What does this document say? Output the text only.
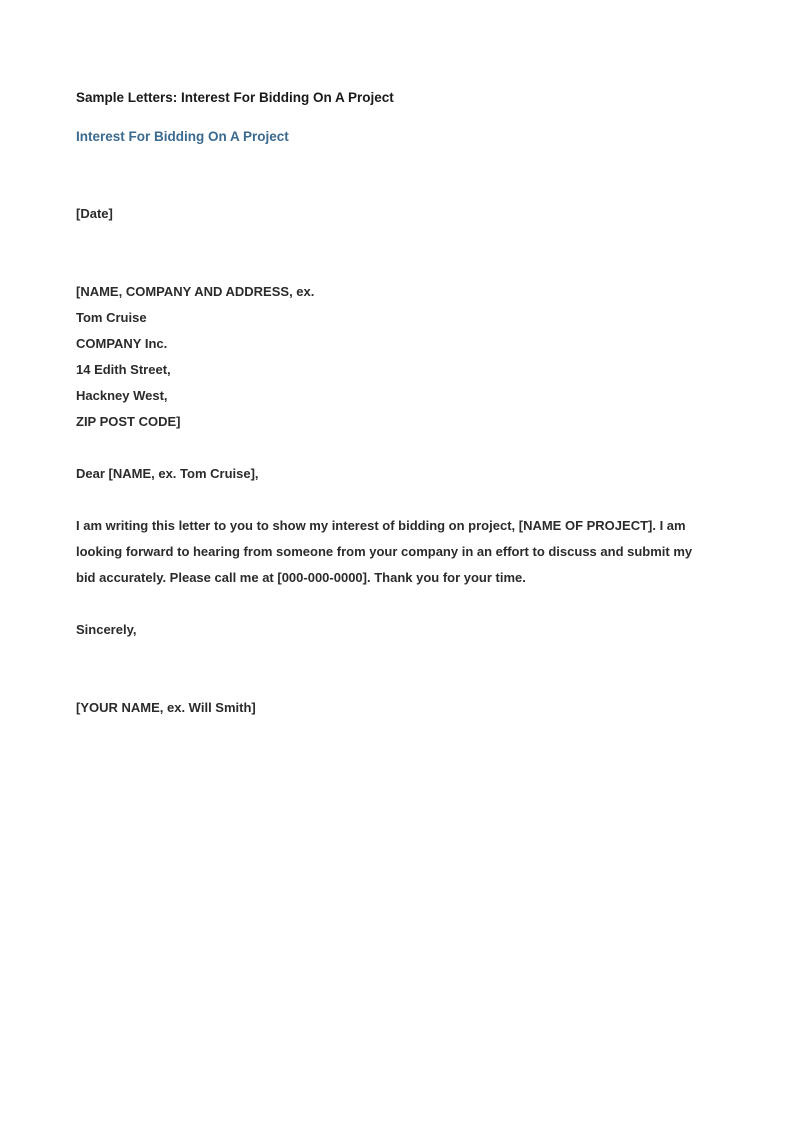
Sample Letters: Interest For Bidding On A Project
Interest For Bidding On A Project
[Date]
[NAME, COMPANY AND ADDRESS, ex.
Tom Cruise
COMPANY Inc.
14 Edith Street,
Hackney West,
ZIP POST CODE]
Dear [NAME, ex. Tom Cruise],
I am writing this letter to you to show my interest of bidding on project, [NAME OF PROJECT]. I am looking forward to hearing from someone from your company in an effort to discuss and submit my bid accurately. Please call me at [000-000-0000]. Thank you for your time.
Sincerely,
[YOUR NAME, ex. Will Smith]
